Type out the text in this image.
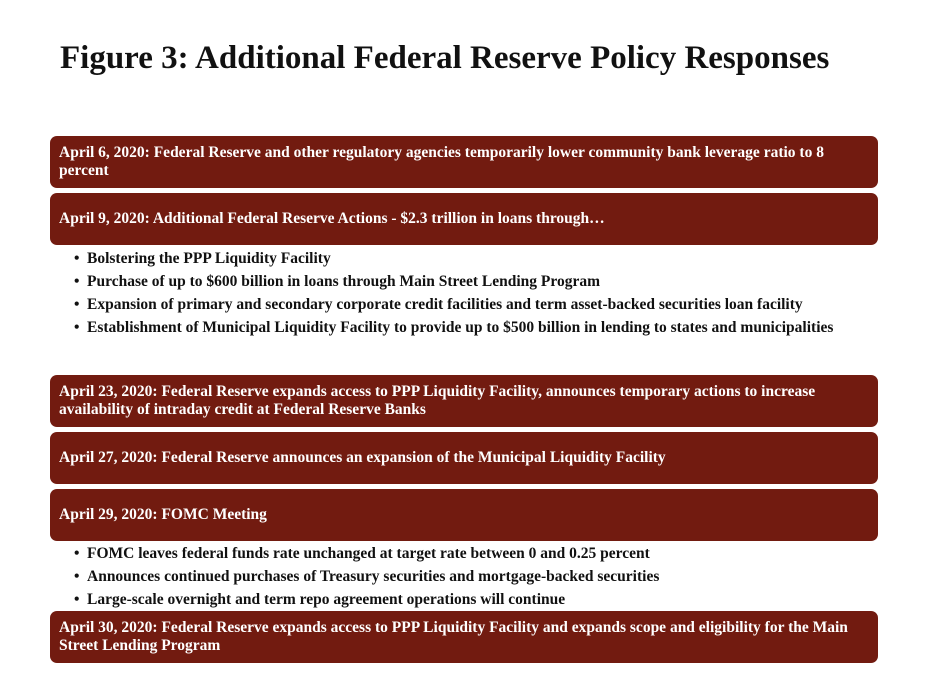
Figure 3: Additional Federal Reserve Policy Responses
April 6, 2020: Federal Reserve and other regulatory agencies temporarily lower community bank leverage ratio to 8 percent
April 9, 2020: Additional Federal Reserve Actions - $2.3 trillion in loans through…
• Bolstering the PPP Liquidity Facility
• Purchase of up to $600 billion in loans through Main Street Lending Program
• Expansion of primary and secondary corporate credit facilities and term asset-backed securities loan facility
• Establishment of Municipal Liquidity Facility to provide up to $500 billion in lending to states and municipalities
April 23, 2020: Federal Reserve expands access to PPP Liquidity Facility, announces temporary actions to increase availability of intraday credit at Federal Reserve Banks
April 27, 2020: Federal Reserve announces an expansion of the Municipal Liquidity Facility
April 29, 2020: FOMC Meeting
• FOMC leaves federal funds rate unchanged at target rate between 0 and 0.25 percent
• Announces continued purchases of Treasury securities and mortgage-backed securities
• Large-scale overnight and term repo agreement operations will continue
April 30, 2020: Federal Reserve expands access to PPP Liquidity Facility and expands scope and eligibility for the Main Street Lending Program
